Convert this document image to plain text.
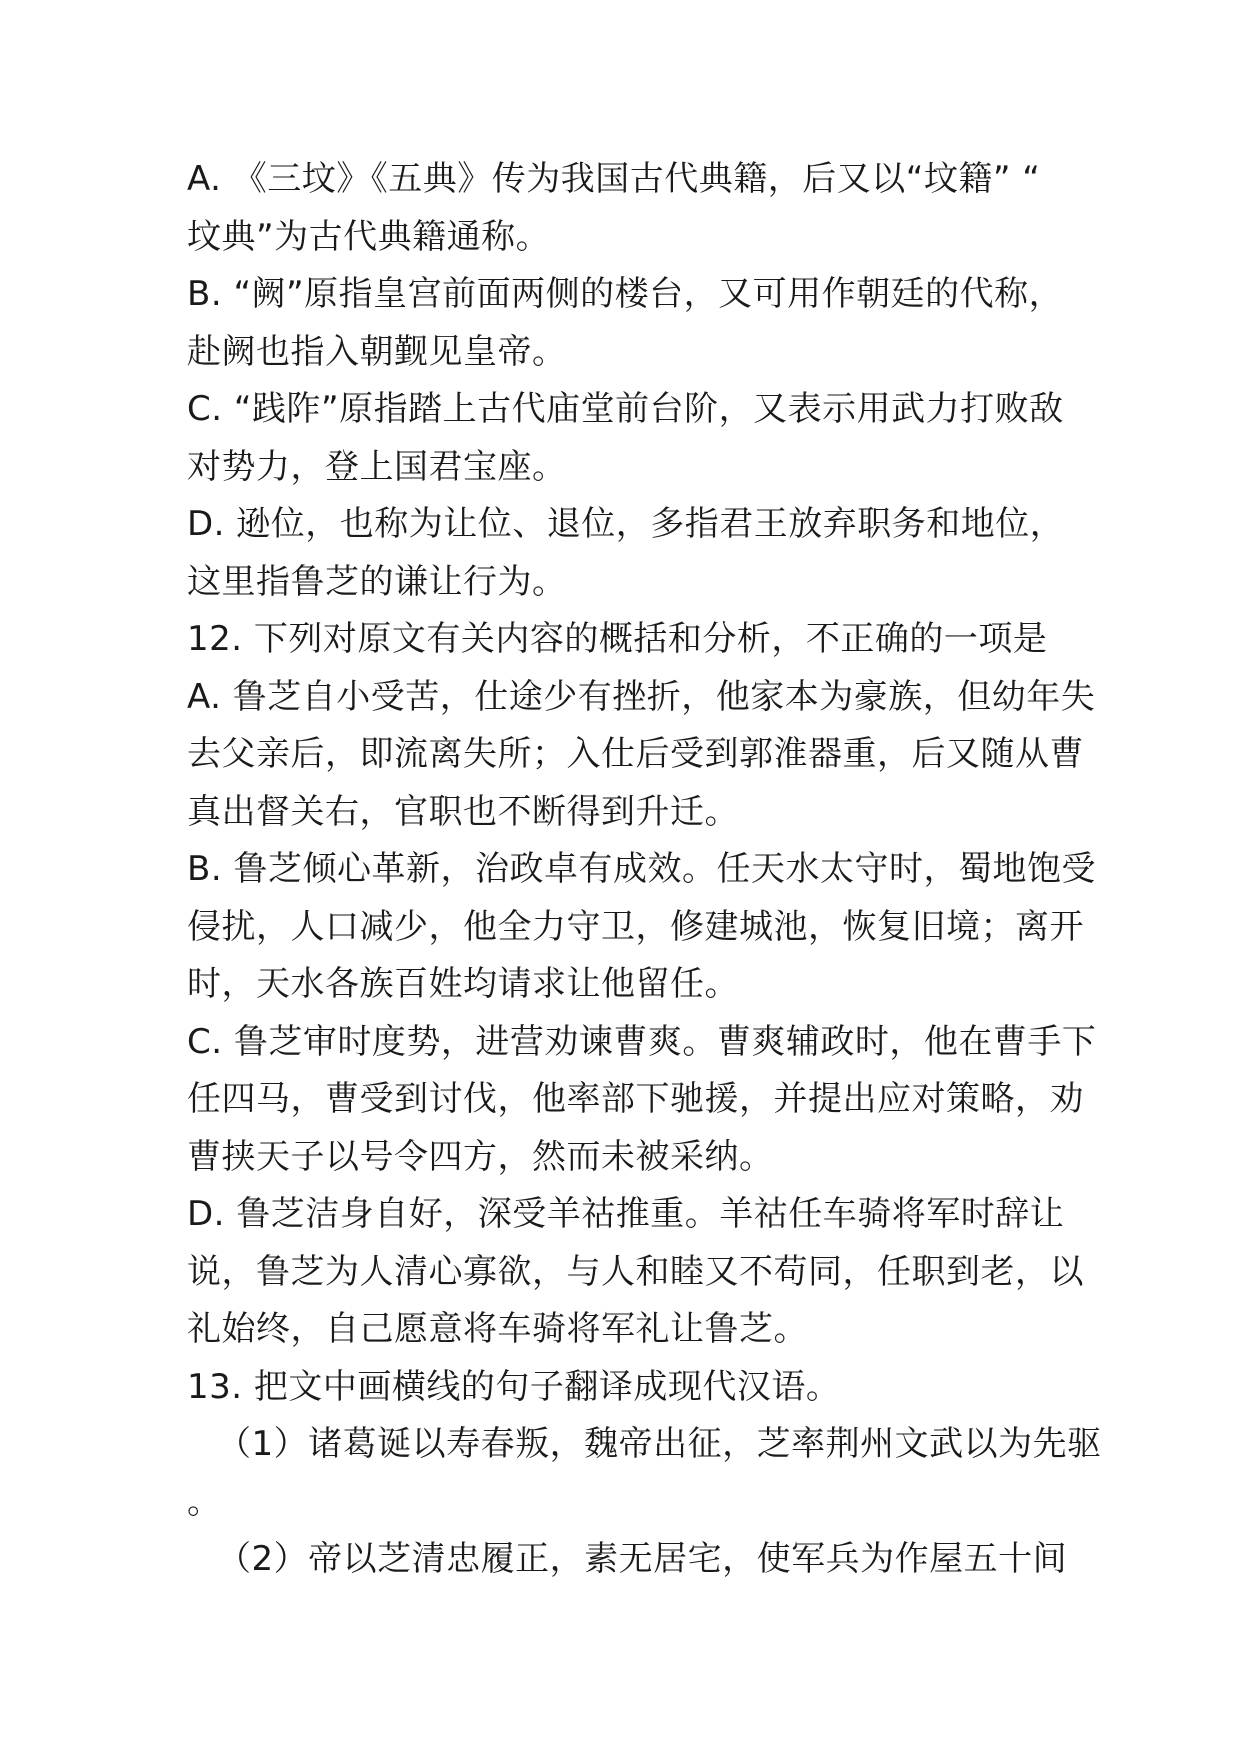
A. 《三坟》《五典》传为我国古代典籍，后又以“坟籍” “
坟典”为古代典籍通称。
B. “阙”原指皇宫前面两侧的楼台，又可用作朝廷的代称，
赴阙也指入朝觐见皇帝。
C. “践阼”原指踏上古代庙堂前台阶，又表示用武力打败敌
对势力，登上国君宝座。
D. 逊位，也称为让位、退位，多指君王放弃职务和地位，
这里指鲁芝的谦让行为。
12. 下列对原文有关内容的概括和分析，不正确的一项是
A. 鲁芝自小受苦，仕途少有挫折，他家本为豪族，但幼年失
去父亲后，即流离失所；入仕后受到郭淮器重，后又随从曹
真出督关右，官职也不断得到升迁。
B. 鲁芝倾心革新，治政卓有成效。任天水太守时，蜀地饱受
侵扰，人口减少，他全力守卫，修建城池，恢复旧境；离开
时，天水各族百姓均请求让他留任。
C. 鲁芝审时度势，进营劝谏曹爽。曹爽辅政时，他在曹手下
任四马，曹受到讨伐，他率部下驰援，并提出应对策略，劝
曹挟天子以号令四方，然而未被采纳。
D. 鲁芝洁身自好，深受羊祜推重。羊祜任车骑将军时辞让
说，鲁芝为人清心寡欲，与人和睦又不苟同，任职到老，以
礼始终，自己愿意将车骑将军礼让鲁芝。
13. 把文中画横线的句子翻译成现代汉语。
（1）诸葛诞以寿春叛，魏帝出征，芝率荆州文武以为先驱
。
（2）帝以芝清忠履正，素无居宅，使军兵为作屋五十间
